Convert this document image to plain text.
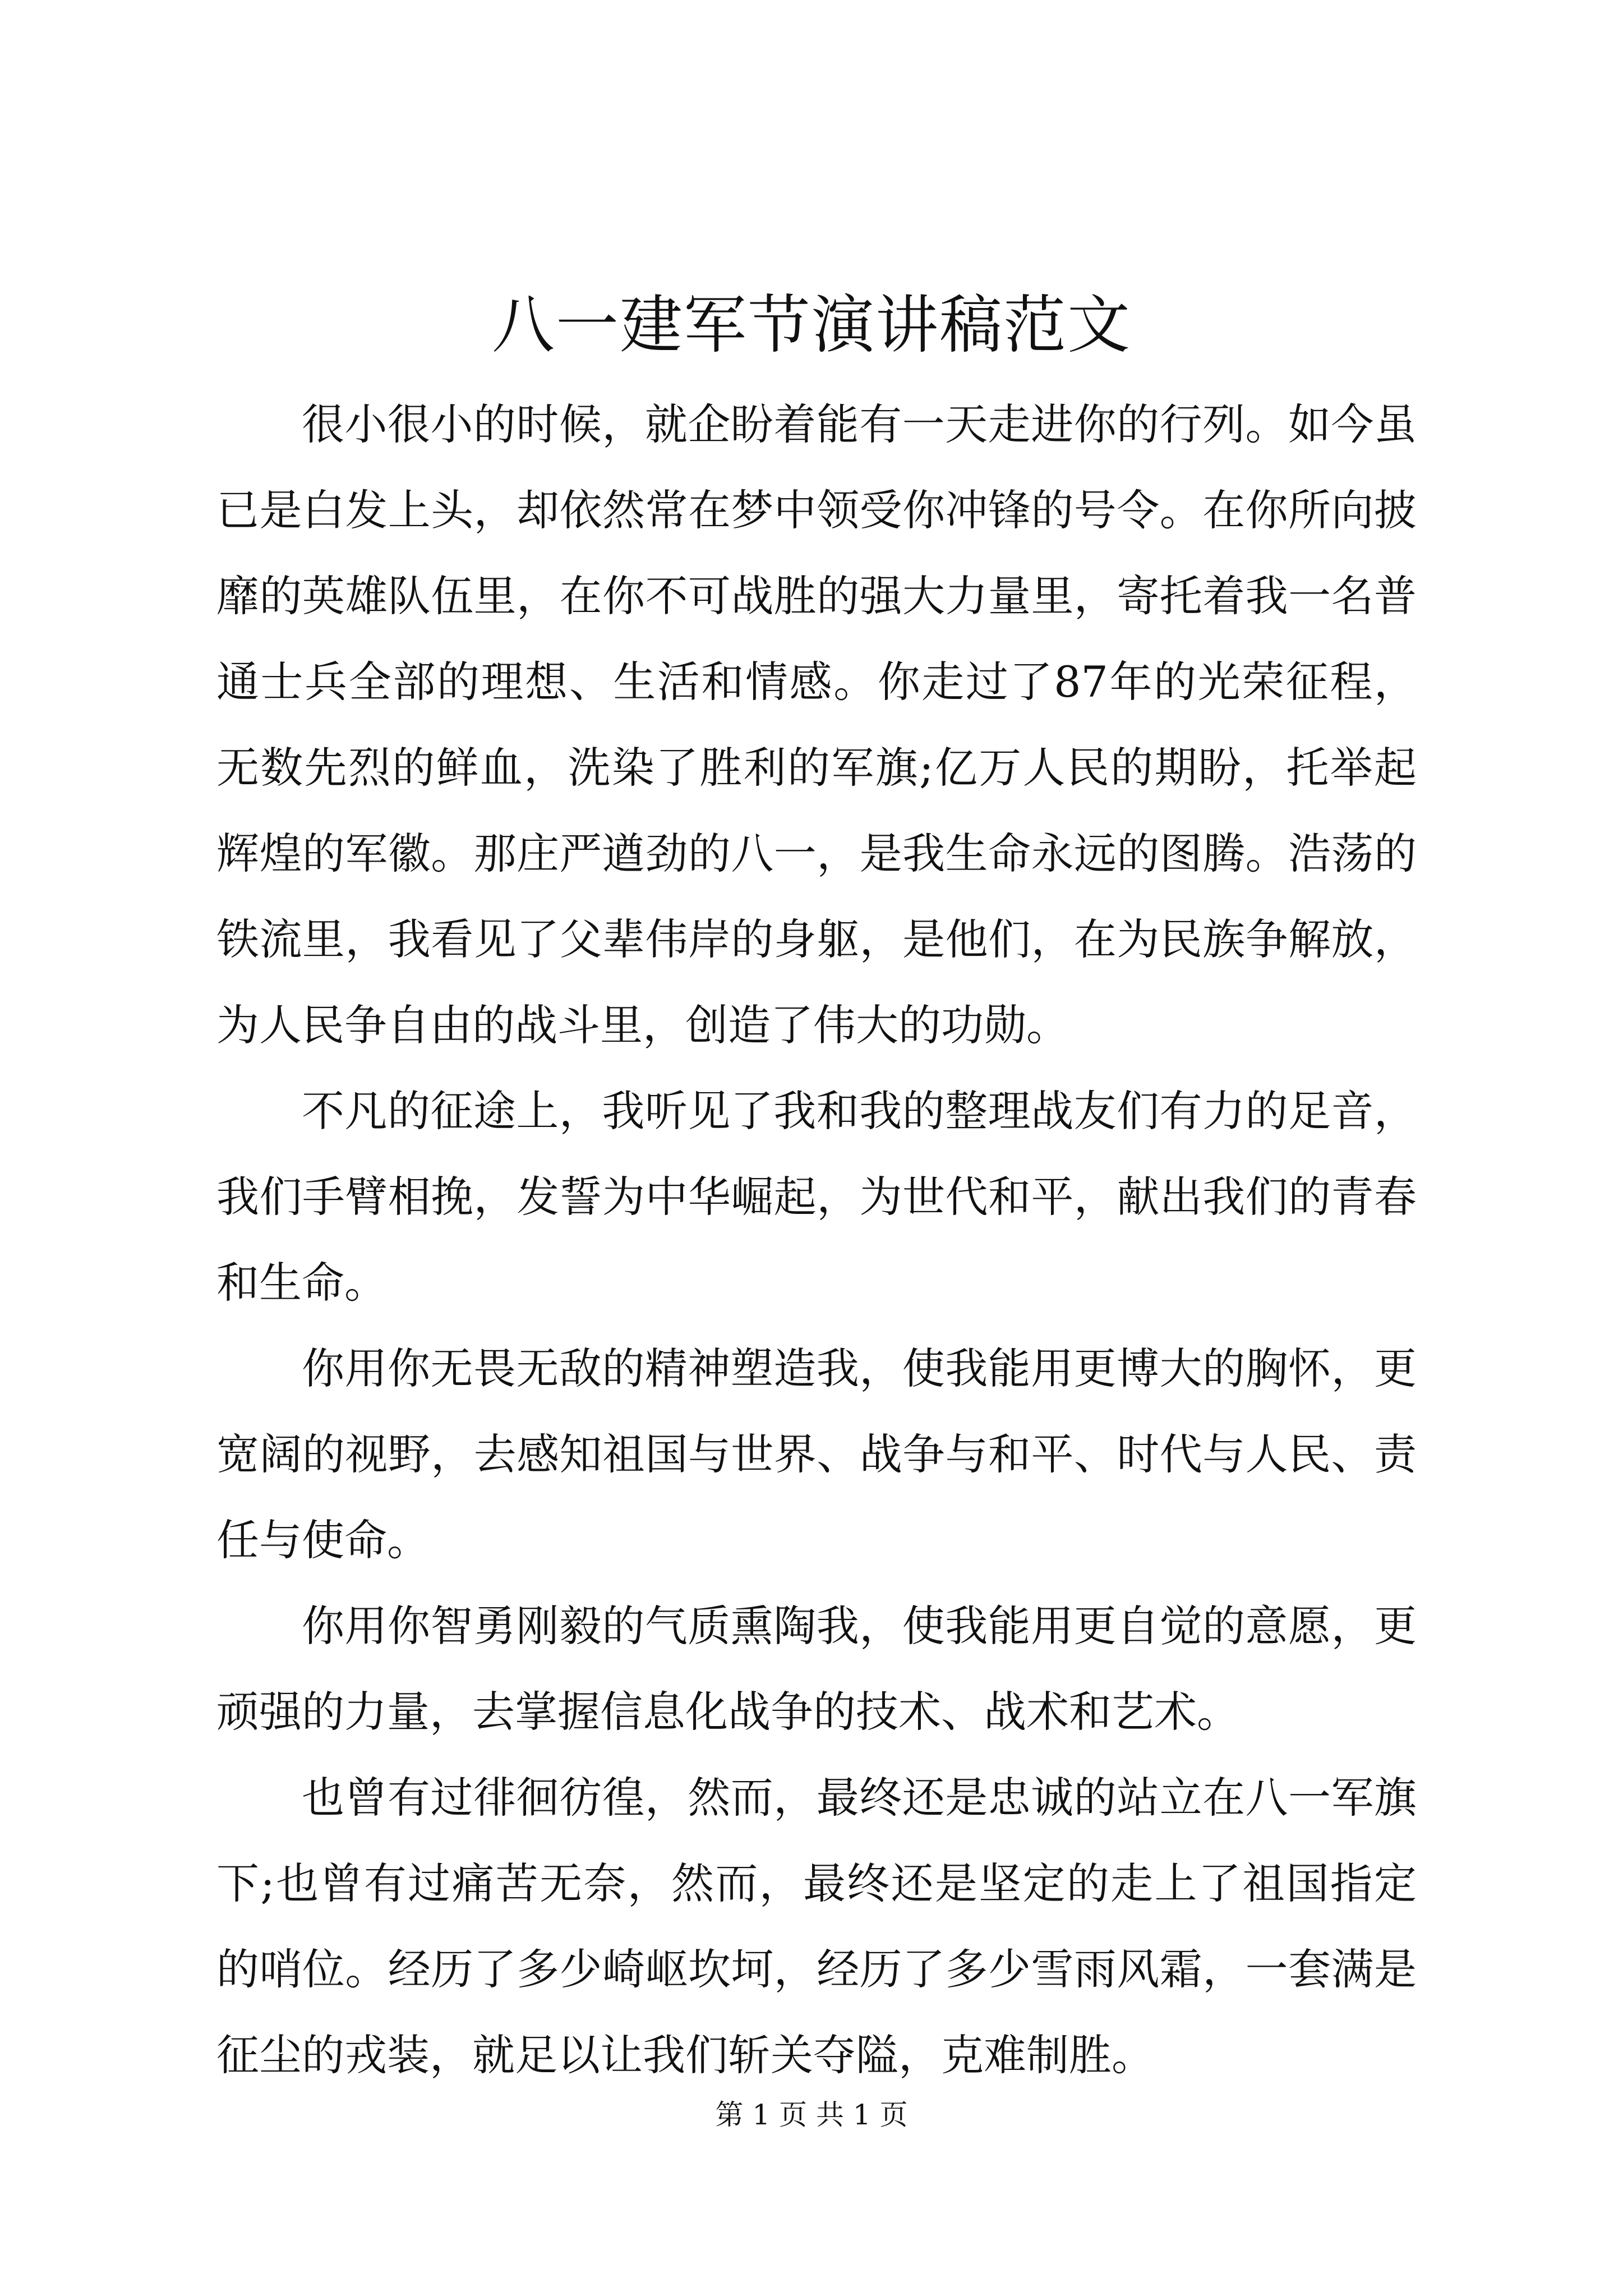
八一建军节演讲稿范文

很小很小的时候，就企盼着能有一天走进你的行列。如今虽已是白发上头，却依然常在梦中领受你冲锋的号令。在你所向披靡的英雄队伍里，在你不可战胜的强大力量里，寄托着我一名普通士兵全部的理想、生活和情感。你走过了87年的光荣征程，无数先烈的鲜血，洗染了胜利的军旗;亿万人民的期盼，托举起辉煌的军徽。那庄严遒劲的八一，是我生命永远的图腾。浩荡的铁流里，我看见了父辈伟岸的身躯，是他们，在为民族争解放，为人民争自由的战斗里，创造了伟大的功勋。

不凡的征途上，我听见了我和我的整理战友们有力的足音，我们手臂相挽，发誓为中华崛起，为世代和平，献出我们的青春和生命。

你用你无畏无敌的精神塑造我，使我能用更博大的胸怀，更宽阔的视野，去感知祖国与世界、战争与和平、时代与人民、责任与使命。

你用你智勇刚毅的气质熏陶我，使我能用更自觉的意愿，更顽强的力量，去掌握信息化战争的技术、战术和艺术。

也曾有过徘徊彷徨，然而，最终还是忠诚的站立在八一军旗下;也曾有过痛苦无奈，然而，最终还是坚定的走上了祖国指定的哨位。经历了多少崎岖坎坷，经历了多少雪雨风霜，一套满是征尘的戎装，就足以让我们斩关夺隘，克难制胜。

第 1 页 共 1 页
